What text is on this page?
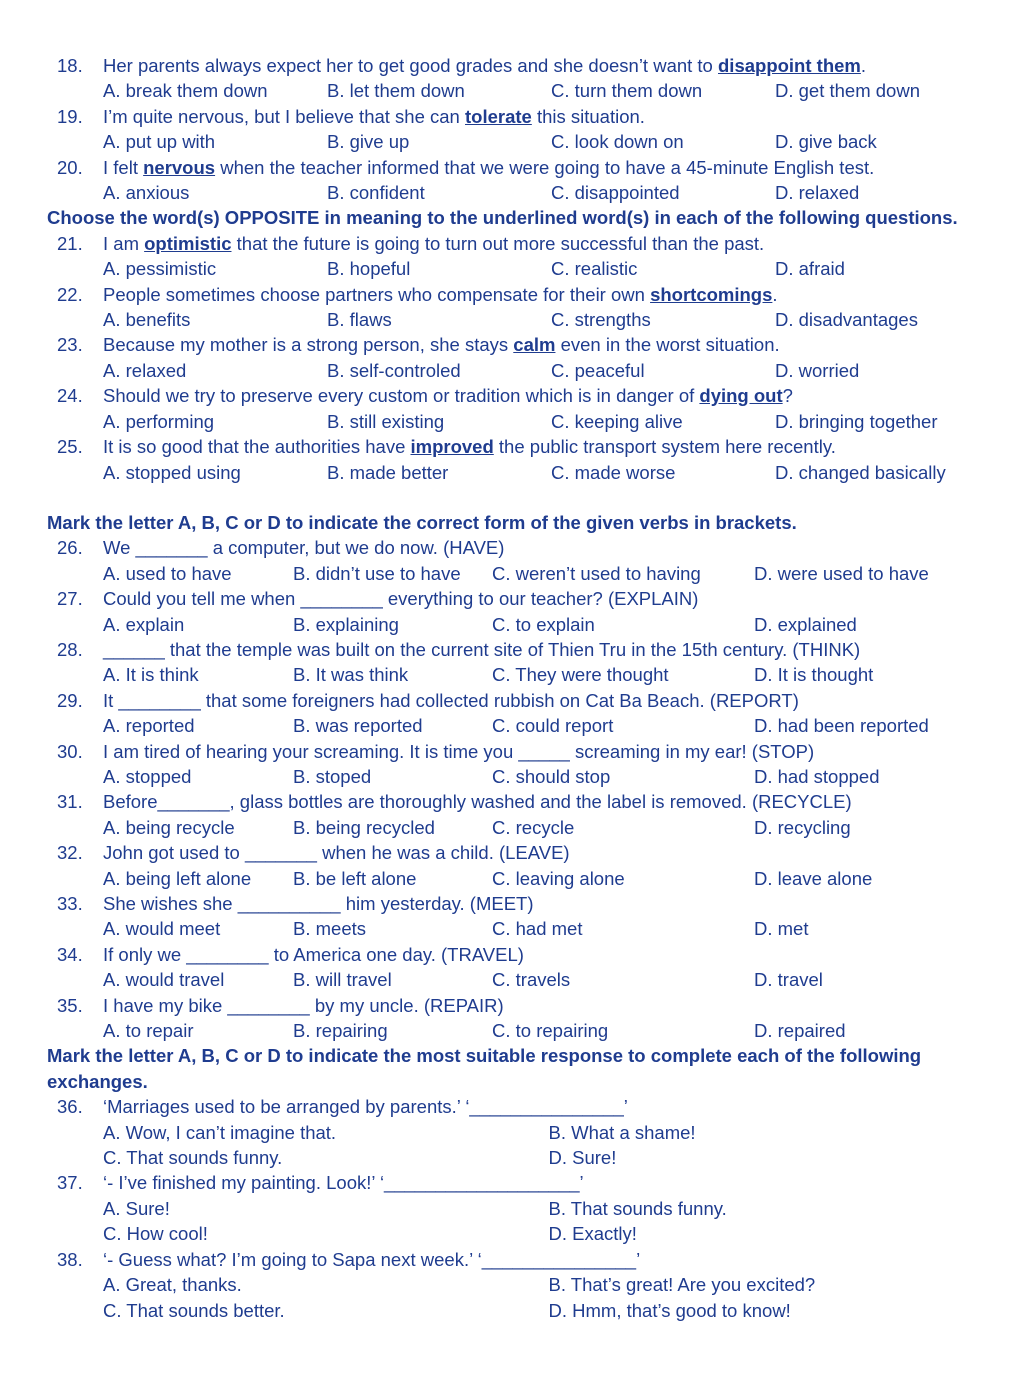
18. Her parents always expect her to get good grades and she doesn’t want to disappoint them.
A. break them down	B. let them down	C. turn them down	D. get them down
19. I’m quite nervous, but I believe that she can tolerate this situation.
A. put up with	B. give up	C. look down on	D. give back
20. I felt nervous when the teacher informed that we were going to have a 45-minute English test.
A. anxious	B. confident	C. disappointed	D. relaxed
Choose the word(s) OPPOSITE in meaning to the underlined word(s) in each of the following questions.
21. I am optimistic that the future is going to turn out more successful than the past.
A. pessimistic	B. hopeful	C. realistic	D. afraid
22. People sometimes choose partners who compensate for their own shortcomings.
A. benefits	B. flaws	C. strengths	D. disadvantages
23. Because my mother is a strong person, she stays calm even in the worst situation.
A. relaxed	B. self-controled	C. peaceful	D. worried
24. Should we try to preserve every custom or tradition which is in danger of dying out?
A. performing	B. still existing	C. keeping alive	D. bringing together
25. It is so good that the authorities have improved the public transport system here recently.
A. stopped using	B. made better	C. made worse	D. changed basically
Mark the letter A, B, C or D to indicate the correct form of the given verbs in brackets.
26. We _______ a computer, but we do now. (HAVE)
A. used to have	B. didn’t use to have	C. weren’t used to having	D. were used to have
27. Could you tell me when ________ everything to our teacher? (EXPLAIN)
A. explain	B. explaining	C. to explain	D. explained
28. ______ that the temple was built on the current site of Thien Tru in the 15th century. (THINK)
A. It is think	B. It was think	C. They were thought	D. It is thought
29. It ________ that some foreigners had collected rubbish on Cat Ba Beach. (REPORT)
A. reported	B. was reported	C. could report	D. had been reported
30. I am tired of hearing your screaming. It is time you _____ screaming in my ear! (STOP)
A. stopped	B. stoped	C. should stop	D. had stopped
31. Before_______, glass bottles are thoroughly washed and the label is removed. (RECYCLE)
A. being recycle	B. being recycled	C. recycle	D. recycling
32. John got used to _______ when he was a child. (LEAVE)
A. being left alone	B. be left alone	C. leaving alone	D. leave alone
33. She wishes she __________ him yesterday. (MEET)
A. would meet	B. meets	C. had met	D. met
34. If only we ________ to America one day. (TRAVEL)
A. would travel	B. will travel	C. travels	D. travel
35. I have my bike ________ by my uncle. (REPAIR)
A. to repair	B. repairing	C. to repairing	D. repaired
Mark the letter A, B, C or D to indicate the most suitable response to complete each of the following exchanges.
36. ‘Marriages used to be arranged by parents.’ ‘_______________’
A. Wow, I can’t imagine that.	B. What a shame!
C. That sounds funny.	D. Sure!
37. ‘- I’ve finished my painting. Look!’ ‘___________________’
A. Sure!	B. That sounds funny.
C. How cool!	D. Exactly!
38. ‘- Guess what? I’m going to Sapa next week.’ ‘_______________’
A. Great, thanks.	B. That’s great! Are you excited?
C. That sounds better.	D. Hmm, that’s good to know!
